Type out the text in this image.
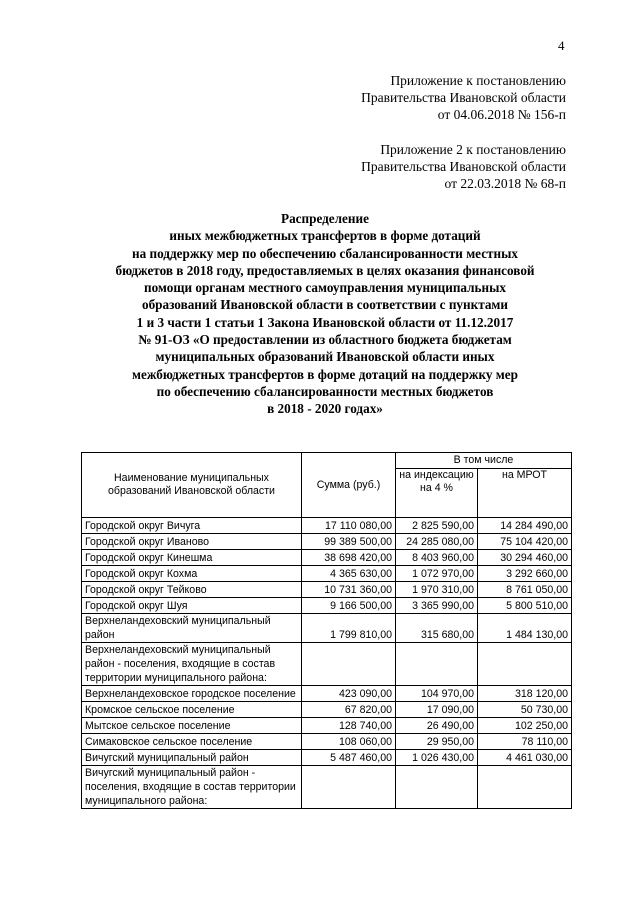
4
Приложение к постановлению
Правительства Ивановской области
от 04.06.2018 № 156-п
Приложение 2 к постановлению
Правительства Ивановской области
от 22.03.2018 № 68-п
Распределение
иных межбюджетных трансфертов в форме дотаций
на поддержку мер по обеспечению сбалансированности местных
бюджетов в 2018 году, предоставляемых в целях оказания финансовой
помощи органам местного самоуправления муниципальных
образований Ивановской области в соответствии с пунктами
1 и 3 части 1 статьи 1 Закона Ивановской области от 11.12.2017
№ 91-ОЗ «О предоставлении из областного бюджета бюджетам
муниципальных образований Ивановской области иных
межбюджетных трансфертов в форме дотаций на поддержку мер
по обеспечению сбалансированности местных бюджетов
в 2018 - 2020 годах»
Наименование муниципальных образований Ивановской области	Сумма (руб.)	В том числе	
		на индексацию на 4 %	на МРОТ
Городской округ Вичуга	17 110 080,00	2 825 590,00	14 284 490,00
Городской округ Иваново	99 389 500,00	24 285 080,00	75 104 420,00
Городской округ Кинешма	38 698 420,00	8 403 960,00	30 294 460,00
Городской округ Кохма	4 365 630,00	1 072 970,00	3 292 660,00
Городской округ Тейково	10 731 360,00	1 970 310,00	8 761 050,00
Городской округ Шуя	9 166 500,00	3 365 990,00	5 800 510,00
Верхнеландеховский муниципальный район	1 799 810,00	315 680,00	1 484 130,00
Верхнеландеховский муниципальный район - поселения, входящие в состав территории муниципального района:			
Верхнеландеховское городское поселение	423 090,00	104 970,00	318 120,00
Кромское сельское поселение	67 820,00	17 090,00	50 730,00
Мытское сельское поселение	128 740,00	26 490,00	102 250,00
Симаковское сельское поселение	108 060,00	29 950,00	78 110,00
Вичугский муниципальный район	5 487 460,00	1 026 430,00	4 461 030,00
Вичугский муниципальный район - поселения, входящие в состав территории муниципального района:			
